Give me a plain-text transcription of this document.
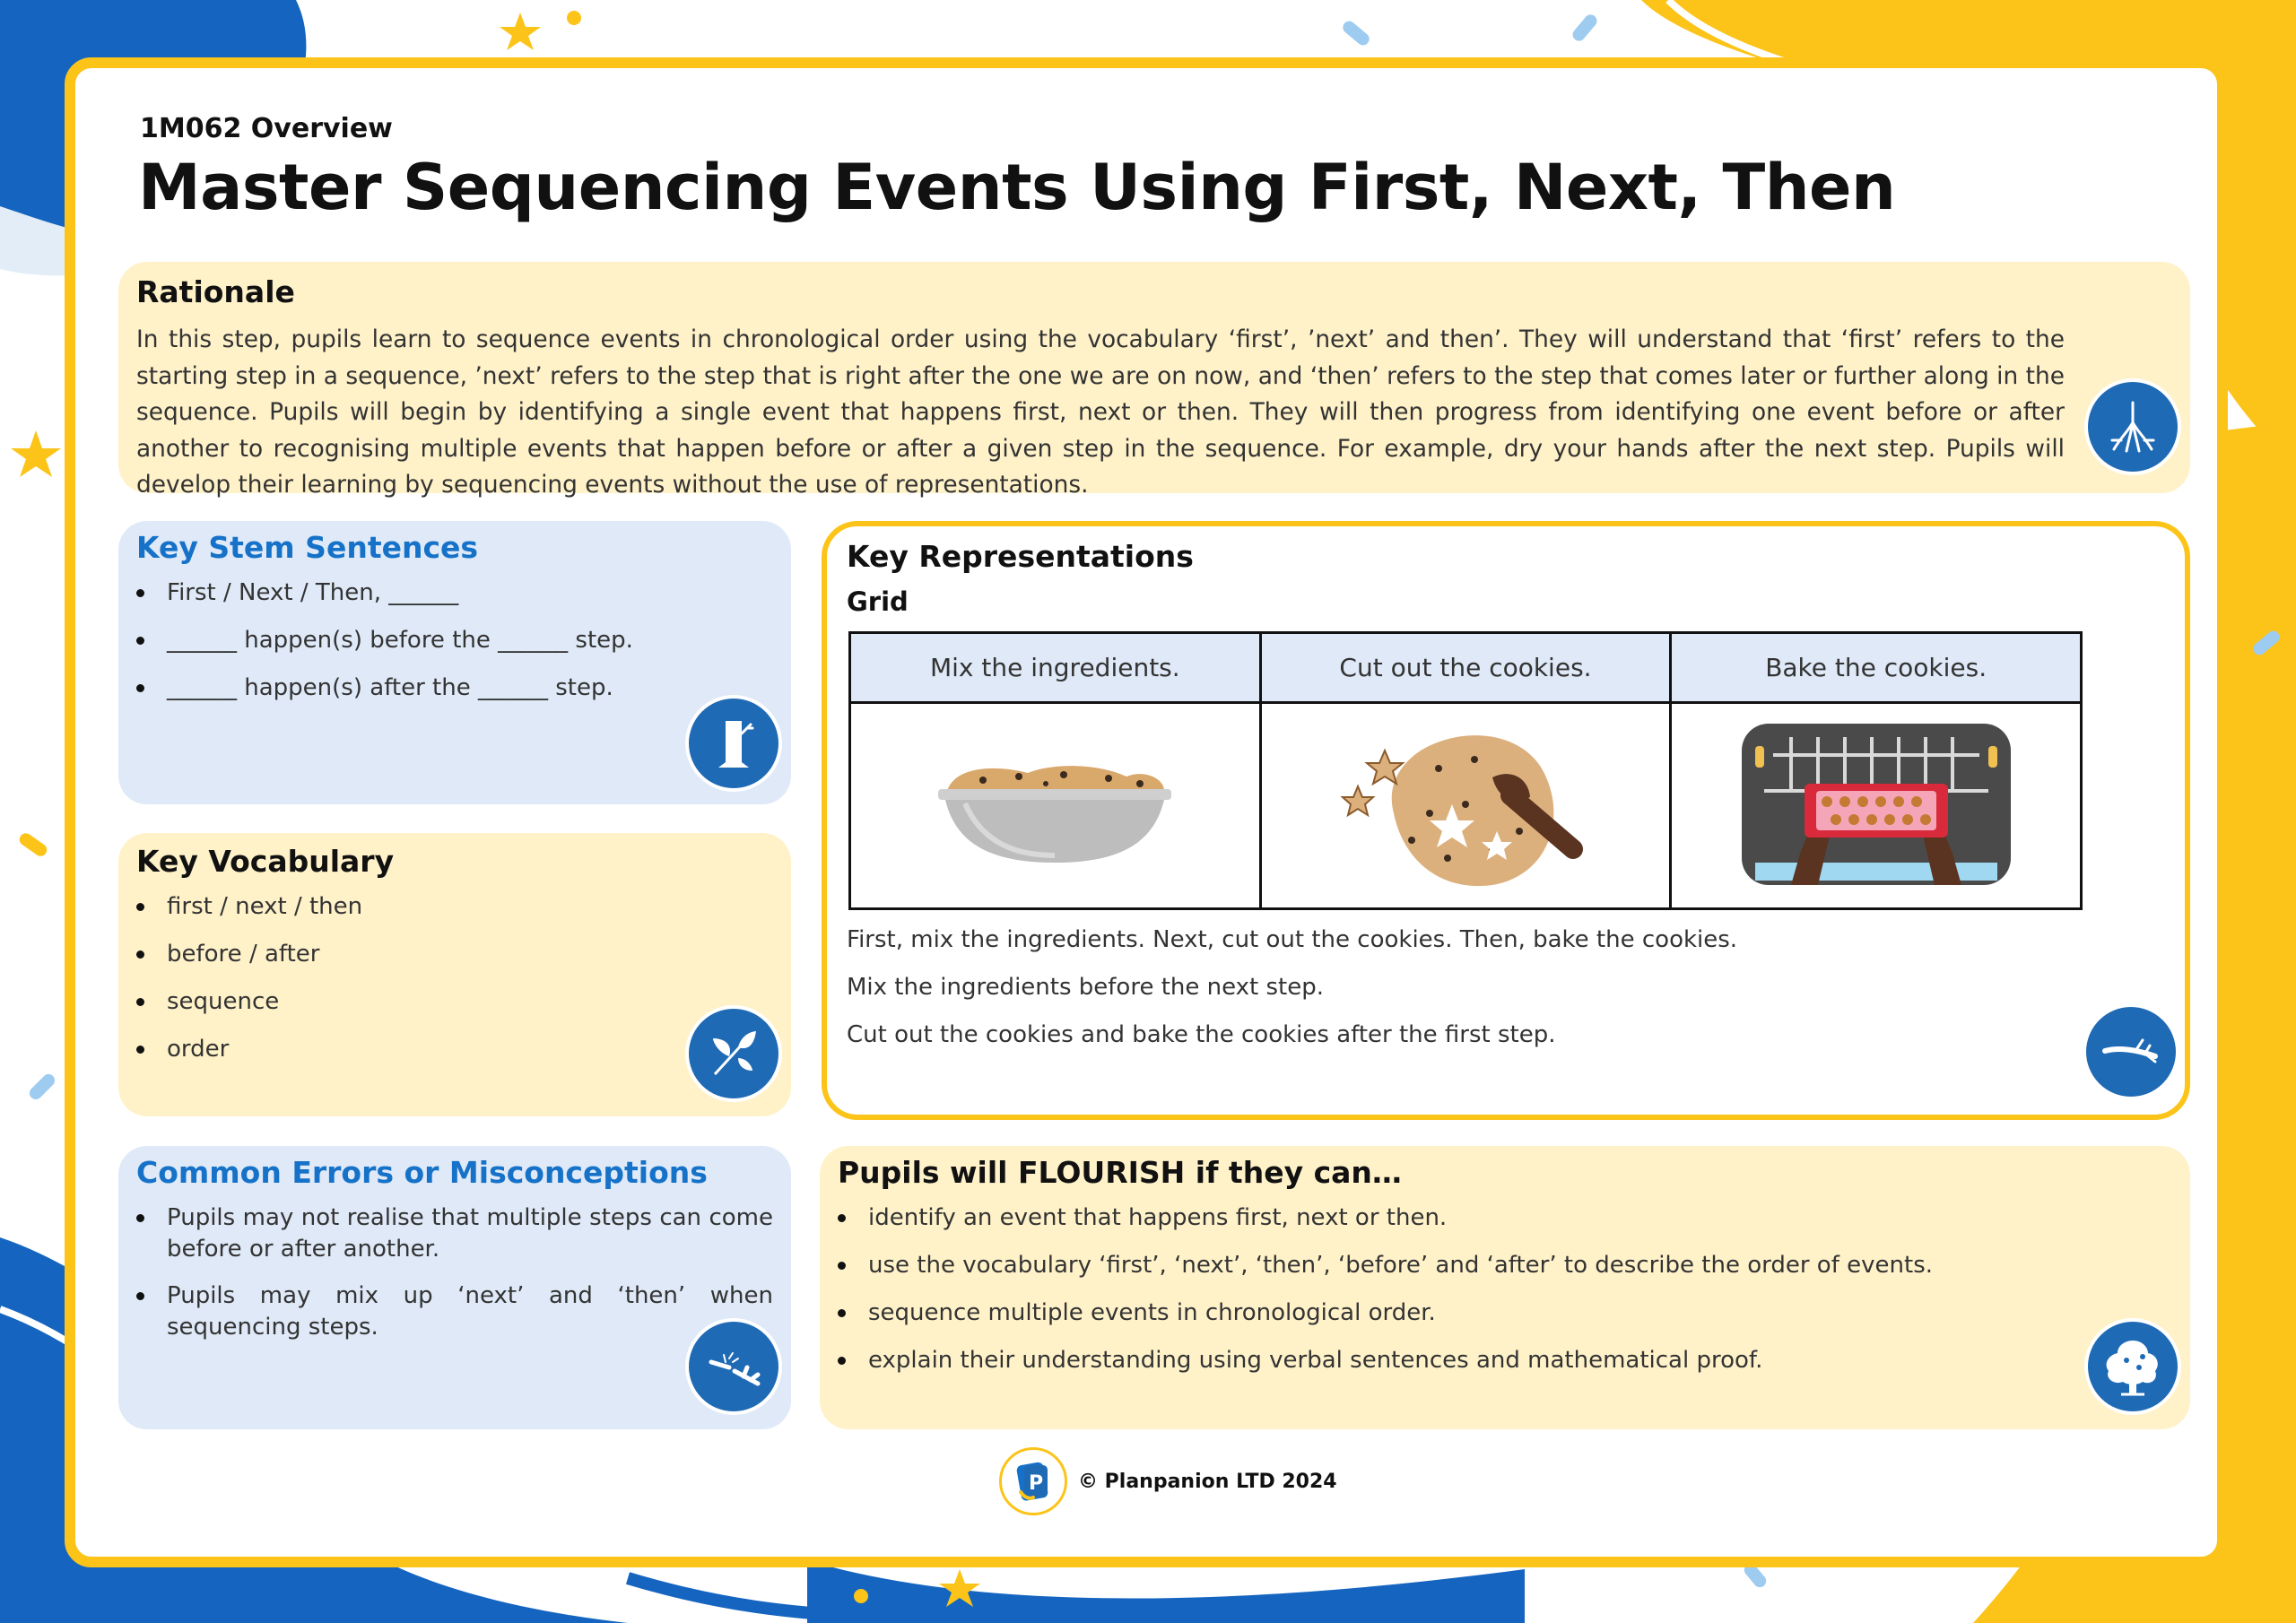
1M062 Overview
Master Sequencing Events Using First, Next, Then
Rationale

In this step, pupils learn to sequence events in chronological order using the vocabulary ‘first’, ’next’ and then’. They will understand that ‘first’ refers to the starting step in a sequence, ’next’ refers to the step that is right after the one we are on now, and ‘then’ refers to the step that comes later or further along in the sequence. Pupils will begin by identifying a single event that happens first, next or then. They will then progress from identifying one event before or after another to recognising multiple events that happen before or after a given step in the sequence. For example, dry your hands after the next step. Pupils will develop their learning by sequencing events without the use of representations.

Key Stem Sentences
First / Next / Then, ______
______ happen(s) before the ______ step.
______ happen(s) after the ______ step.
Key Vocabulary
first / next / then
before / after
sequence
order
Common Errors or Misconceptions
Pupils may not realise that multiple steps can come before or after another.
Pupils may mix up ‘next’ and ‘then’ when sequencing steps.
Key Representations
Grid
Mix the ingredients.	Cut out the cookies.	Bake the cookies.

First, mix the ingredients. Next, cut out the cookies. Then, bake the cookies.

Mix the ingredients before the next step.

Cut out the cookies and bake the cookies after the first step.

Pupils will FLOURISH if they can…
identify an event that happens first, next or then.
use the vocabulary ‘first’, ‘next’, ‘then’, ‘before’ and ‘after’ to describe the order of events.
sequence multiple events in chronological order.
explain their understanding using verbal sentences and mathematical proof.
P © Planpanion LTD 2024
